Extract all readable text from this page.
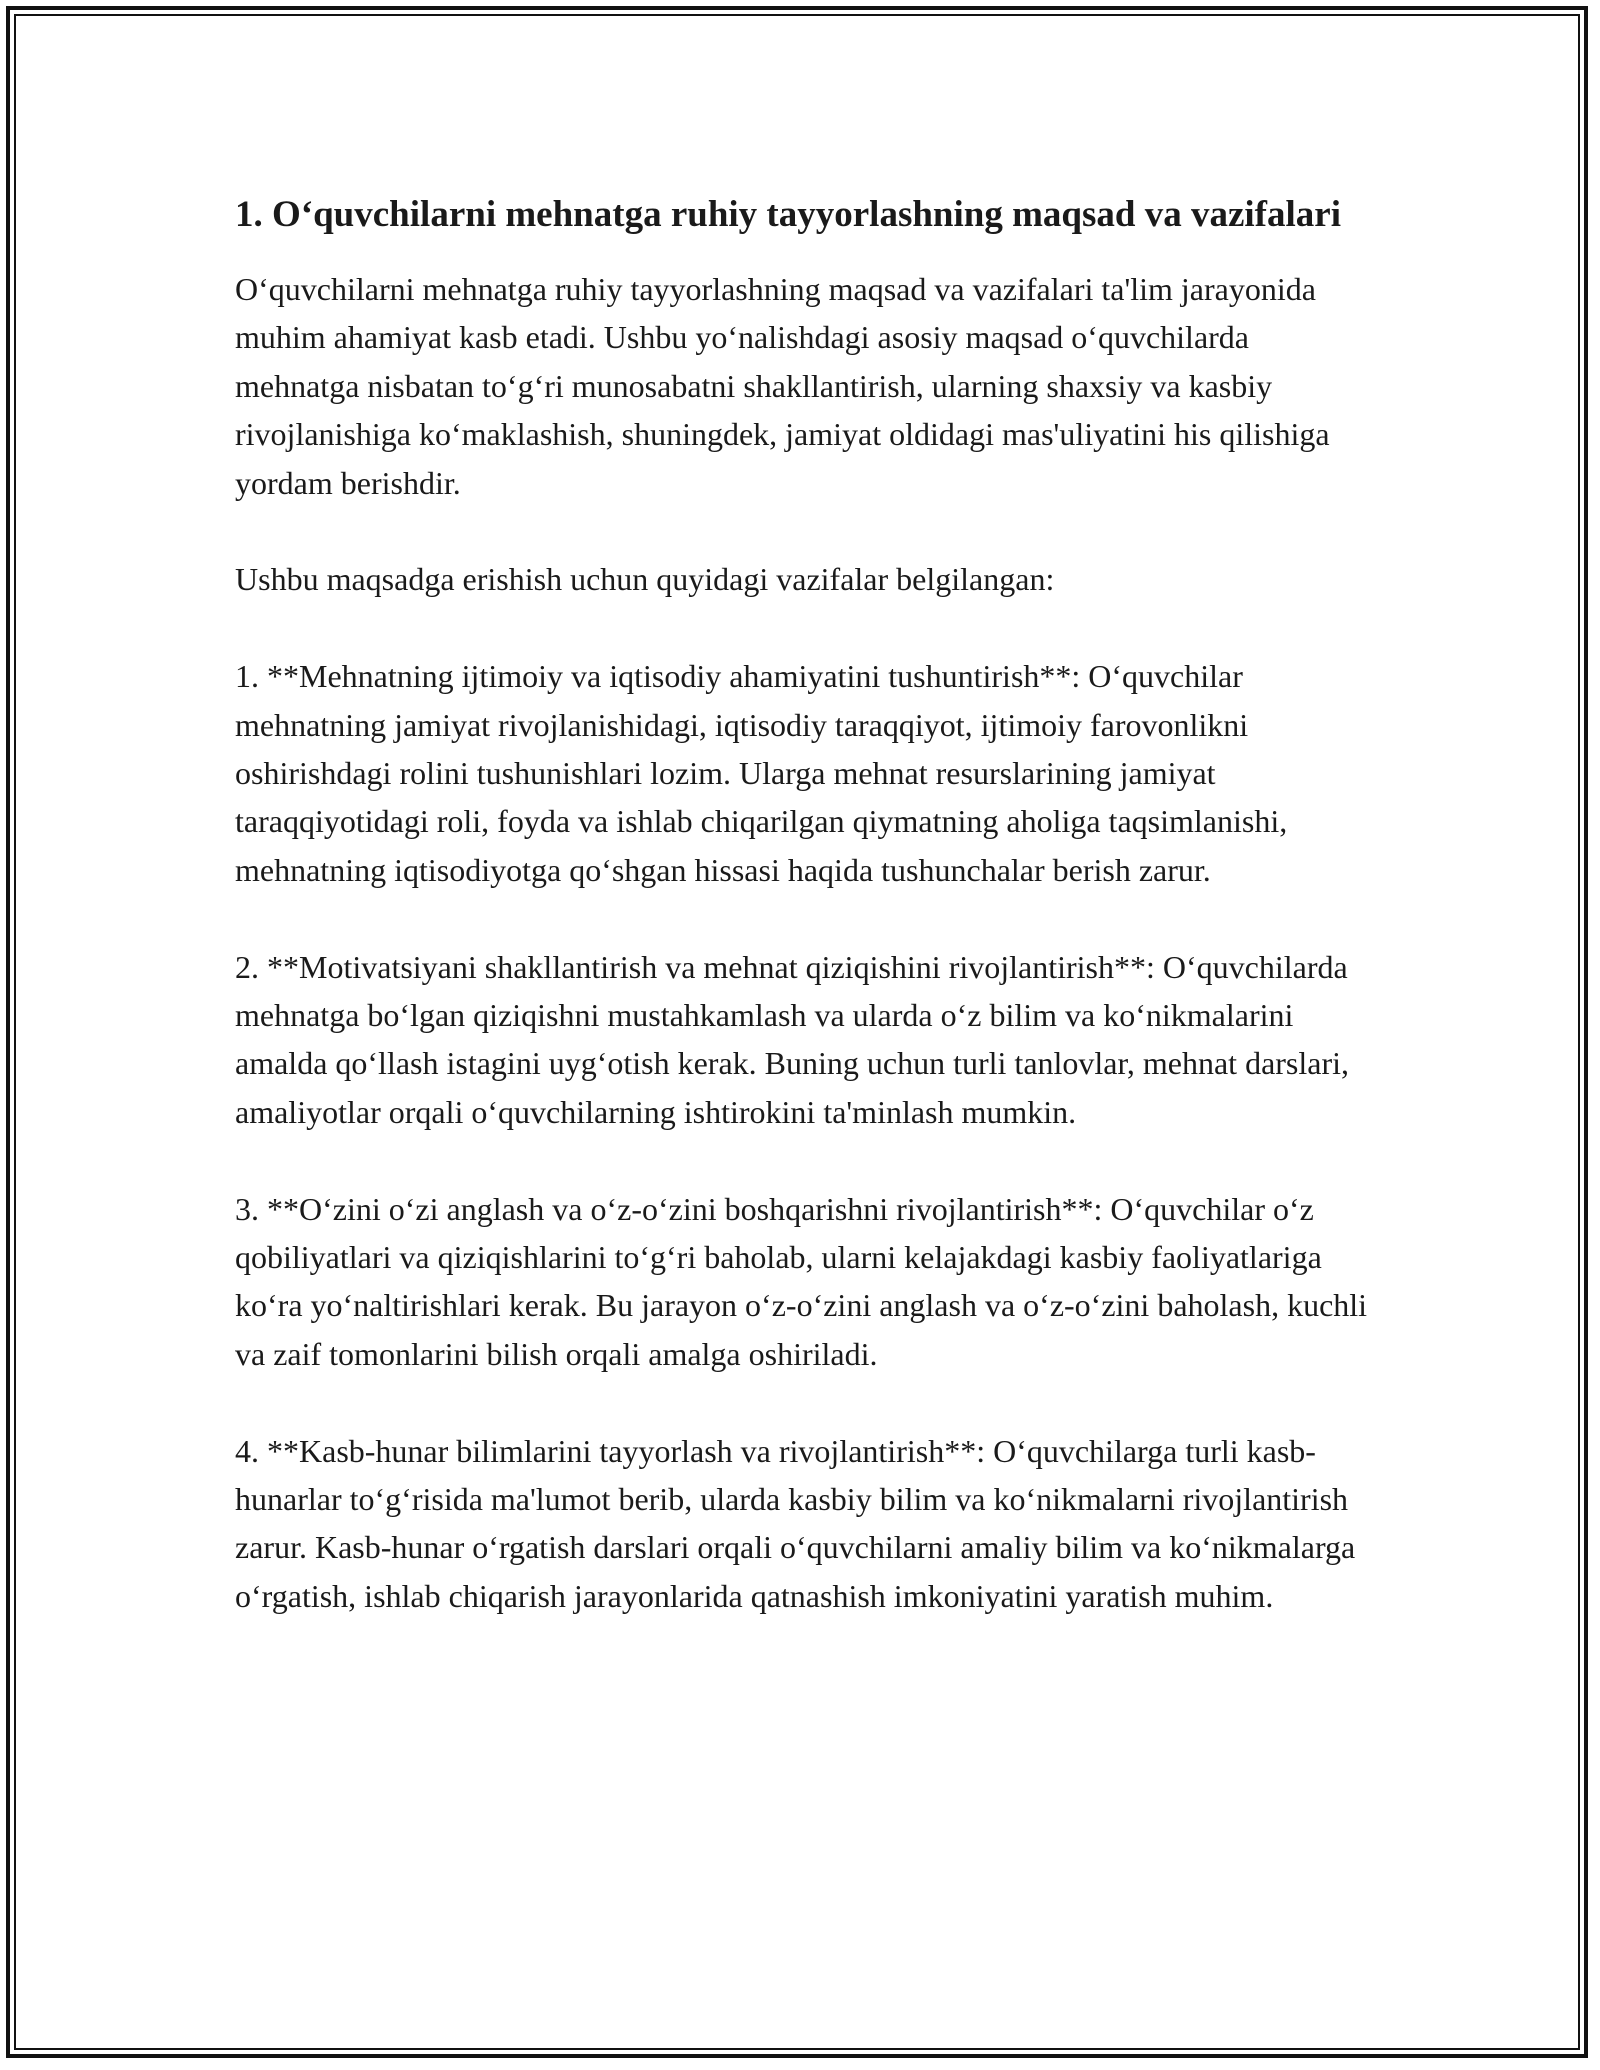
1. O‘quvchilarni mehnatga ruhiy tayyorlashning maqsad va vazifalari

O‘quvchilarni mehnatga ruhiy tayyorlashning maqsad va vazifalari ta'lim jarayonida muhim ahamiyat kasb etadi. Ushbu yo‘nalishdagi asosiy maqsad o‘quvchilarda mehnatga nisbatan to‘g‘ri munosabatni shakllantirish, ularning shaxsiy va kasbiy rivojlanishiga ko‘maklashish, shuningdek, jamiyat oldidagi mas'uliyatini his qilishiga yordam berishdir.

Ushbu maqsadga erishish uchun quyidagi vazifalar belgilangan:

1. **Mehnatning ijtimoiy va iqtisodiy ahamiyatini tushuntirish**: O‘quvchilar mehnatning jamiyat rivojlanishidagi, iqtisodiy taraqqiyot, ijtimoiy farovonlikni oshirishdagi rolini tushunishlari lozim. Ularga mehnat resurslarining jamiyat taraqqiyotidagi roli, foyda va ishlab chiqarilgan qiymatning aholiga taqsimlanishi, mehnatning iqtisodiyotga qo‘shgan hissasi haqida tushunchalar berish zarur.

2. **Motivatsiyani shakllantirish va mehnat qiziqishini rivojlantirish**: O‘quvchilarda mehnatga bo‘lgan qiziqishni mustahkamlash va ularda o‘z bilim va ko‘nikmalarini amalda qo‘llash istagini uyg‘otish kerak. Buning uchun turli tanlovlar, mehnat darslari, amaliyotlar orqali o‘quvchilarning ishtirokini ta'minlash mumkin.

3. **O‘zini o‘zi anglash va o‘z-o‘zini boshqarishni rivojlantirish**: O‘quvchilar o‘z qobiliyatlari va qiziqishlarini to‘g‘ri baholab, ularni kelajakdagi kasbiy faoliyatlariga ko‘ra yo‘naltirishlari kerak. Bu jarayon o‘z-o‘zini anglash va o‘z-o‘zini baholash, kuchli va zaif tomonlarini bilish orqali amalga oshiriladi.

4. **Kasb-hunar bilimlarini tayyorlash va rivojlantirish**: O‘quvchilarga turli kasb-hunarlar to‘g‘risida ma'lumot berib, ularda kasbiy bilim va ko‘nikmalarni rivojlantirish zarur. Kasb-hunar o‘rgatish darslari orqali o‘quvchilarni amaliy bilim va ko‘nikmalarga o‘rgatish, ishlab chiqarish jarayonlarida qatnashish imkoniyatini yaratish muhim.
